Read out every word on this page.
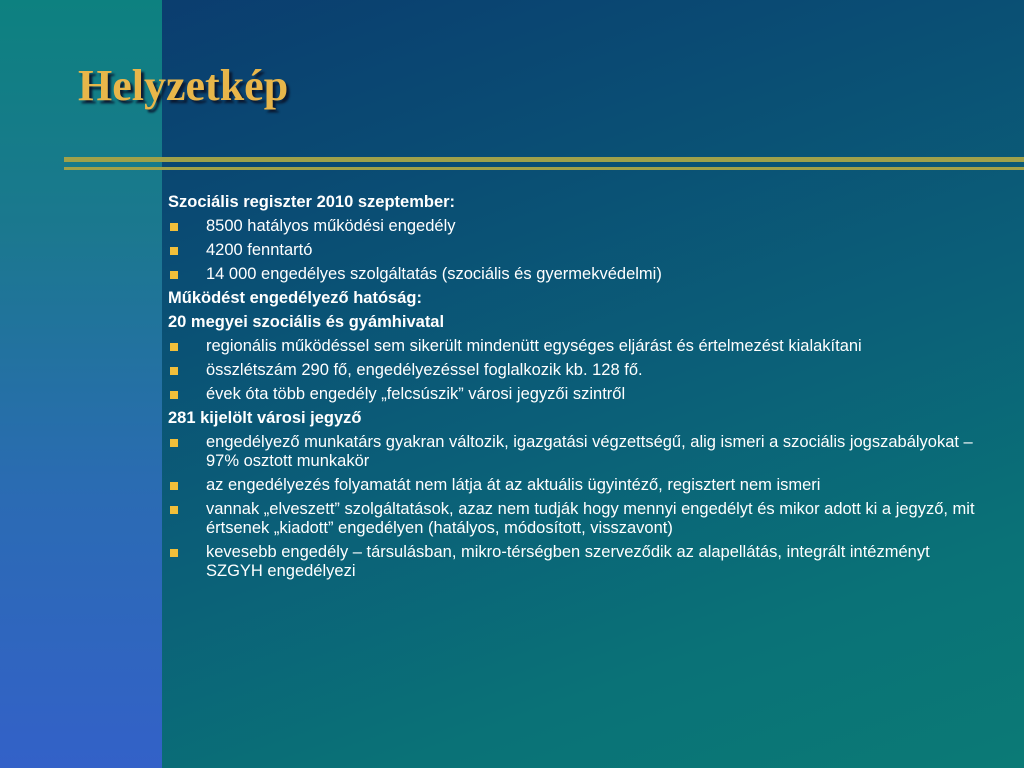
Helyzetkép
Szociális regiszter 2010 szeptember:
8500 hatályos működési engedély
4200 fenntartó
14 000 engedélyes szolgáltatás (szociális és gyermekvédelmi)
Működést engedélyező hatóság:
20 megyei szociális és gyámhivatal
regionális működéssel sem sikerült mindenütt egységes eljárást és értelmezést kialakítani
összlétszám 290 fő, engedélyezéssel foglalkozik kb. 128 fő.
évek óta több engedély „felcsúszik” városi jegyzői szintről
281 kijelölt városi jegyző
engedélyező munkatárs gyakran változik, igazgatási végzettségű, alig ismeri a szociális jogszabályokat – 97% osztott munkakör
az engedélyezés folyamatát nem látja át az aktuális ügyintéző, regisztert nem ismeri
vannak „elveszett” szolgáltatások, azaz nem tudják hogy mennyi engedélyt és mikor adott ki a jegyző, mit értsenek „kiadott” engedélyen (hatályos, módosított, visszavont)
kevesebb engedély – társulásban, mikro-térségben szerveződik az alapellátás, integrált intézményt SZGYH engedélyezi
